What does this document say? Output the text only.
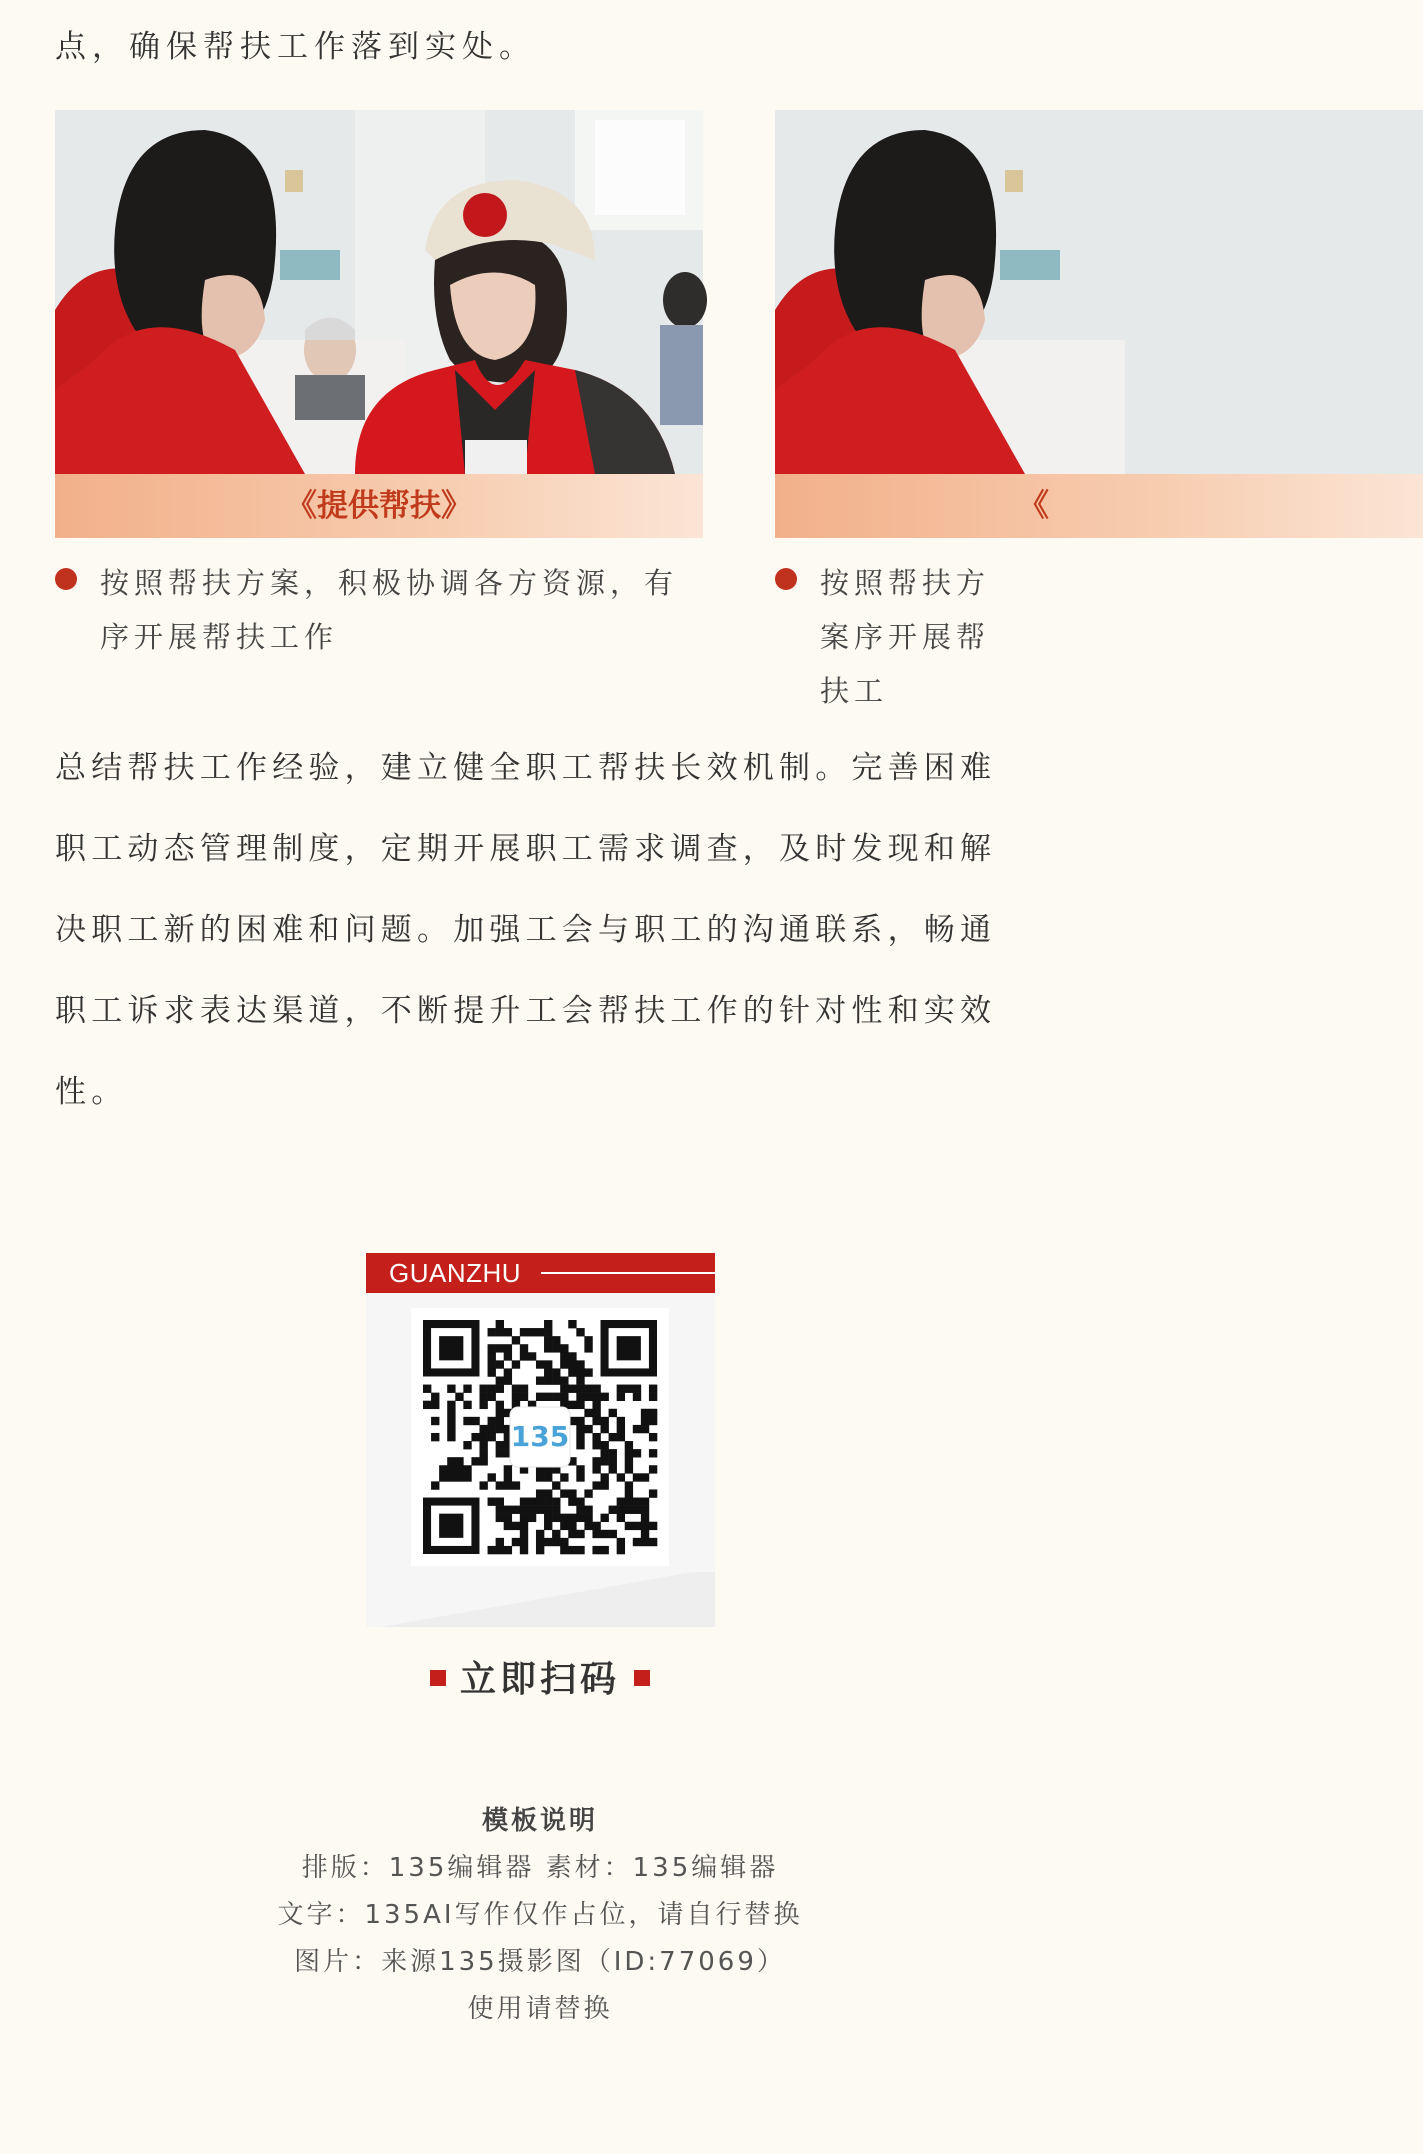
点，确保帮扶工作落到实处。
《提供帮扶》
按照帮扶方案，积极协调各方资源，有序开展帮扶工作
《
按照帮扶方案序开展帮扶工
总结帮扶工作经验，建立健全职工帮扶长效机制。完善困难职工动态管理制度，定期开展职工需求调查，及时发现和解决职工新的困难和问题。加强工会与职工的沟通联系，畅通职工诉求表达渠道，不断提升工会帮扶工作的针对性和实效性。
GUANZHU
135
立即扫码
模板说明
排版：135编辑器 素材：135编辑器
文字：135AI写作仅作占位，请自行替换
图片：来源135摄影图（ID:77069）
使用请替换
